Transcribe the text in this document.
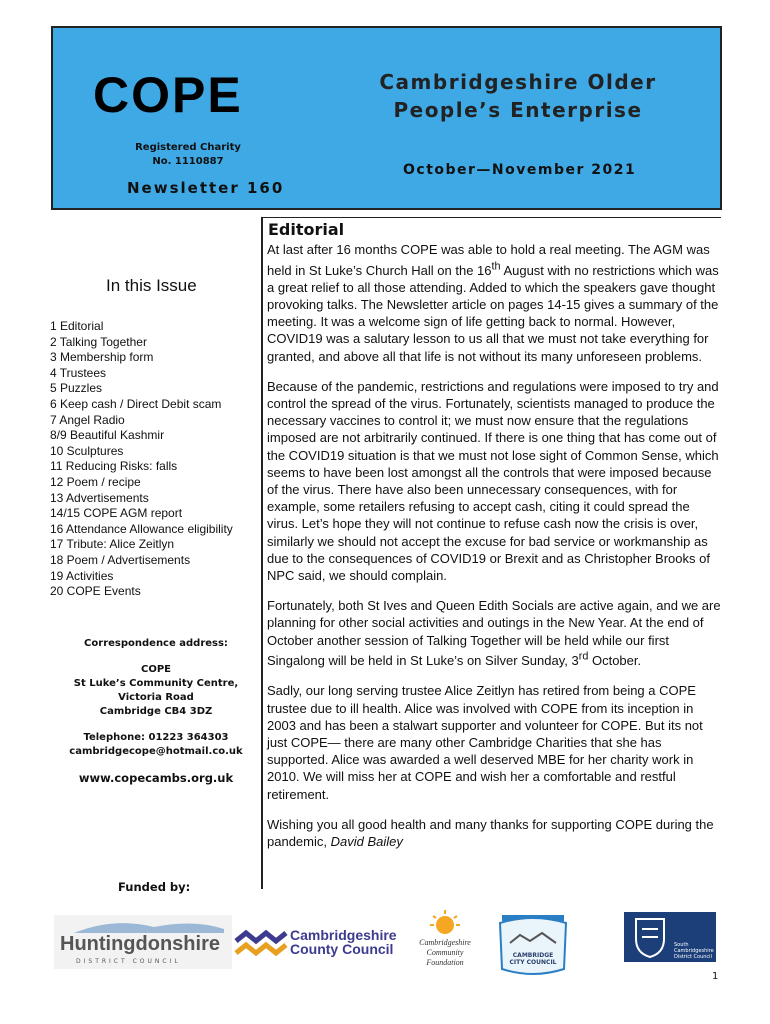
COPE
Registered Charity
No. 1110887
Newsletter 160
Cambridgeshire Older
People’s Enterprise
October—November 2021
In this Issue
1 Editorial
2 Talking Together
3 Membership form
4 Trustees
5 Puzzles
6 Keep cash / Direct Debit scam
7 Angel Radio
8/9 Beautiful Kashmir
10 Sculptures
11 Reducing Risks: falls
12 Poem / recipe
13 Advertisements
14/15 COPE AGM report
16 Attendance Allowance eligibility
17 Tribute: Alice Zeitlyn
18 Poem / Advertisements
19 Activities
20 COPE Events
Correspondence address:
COPE
St Luke’s Community Centre,
Victoria Road
Cambridge CB4 3DZ
Telephone: 01223 364303
cambridgecope@hotmail.co.uk
www.copecambs.org.uk
Funded by:
Editorial

At last after 16 months COPE was able to hold a real meeting. The AGM was held in St Luke’s Church Hall on the 16th August with no restrictions which was a great relief to all those attending. Added to which the speakers gave thought provoking talks. The Newsletter article on pages 14-15 gives a summary of the meeting. It was a welcome sign of life getting back to normal. However, COVID19 was a salutary lesson to us all that we must not take everything for granted, and above all that life is not without its many unforeseen problems.

Because of the pandemic, restrictions and regulations were imposed to try and control the spread of the virus. Fortunately, scientists managed to produce the necessary vaccines to control it; we must now ensure that the regulations imposed are not arbitrarily continued. If there is one thing that has come out of the COVID19 situation is that we must not lose sight of Common Sense, which seems to have been lost amongst all the controls that were imposed because of the virus. There have also been unnecessary consequences, with for example, some retailers refusing to accept cash, citing it could spread the virus. Let’s hope they will not continue to refuse cash now the crisis is over, similarly we should not accept the excuse for bad service or workmanship as due to the consequences of COVID19 or Brexit and as Christopher Brooks of NPC said, we should complain.

Fortunately, both St Ives and Queen Edith Socials are active again, and we are planning for other social activities and outings in the New Year. At the end of October another session of Talking Together will be held while our first Singalong will be held in St Luke’s on Silver Sunday, 3rd October.

Sadly, our long serving trustee Alice Zeitlyn has retired from being a COPE trustee due to ill health. Alice was involved with COPE from its inception in 2003 and has been a stalwart supporter and volunteer for COPE. But its not just COPE— there are many other Cambridge Charities that she has supported. Alice was awarded a well deserved MBE for her charity work in 2010. We will miss her at COPE and wish her a comfortable and restful retirement.

Wishing you all good health and many thanks for supporting COPE during the pandemic, David Bailey

Huntingdonshire
DISTRICT COUNCIL
Cambridgeshire
County Council	Cambridgeshire
Community
Foundation
CAMBRIDGE
CITY COUNCIL
South
Cambridgeshire
District Council
1
